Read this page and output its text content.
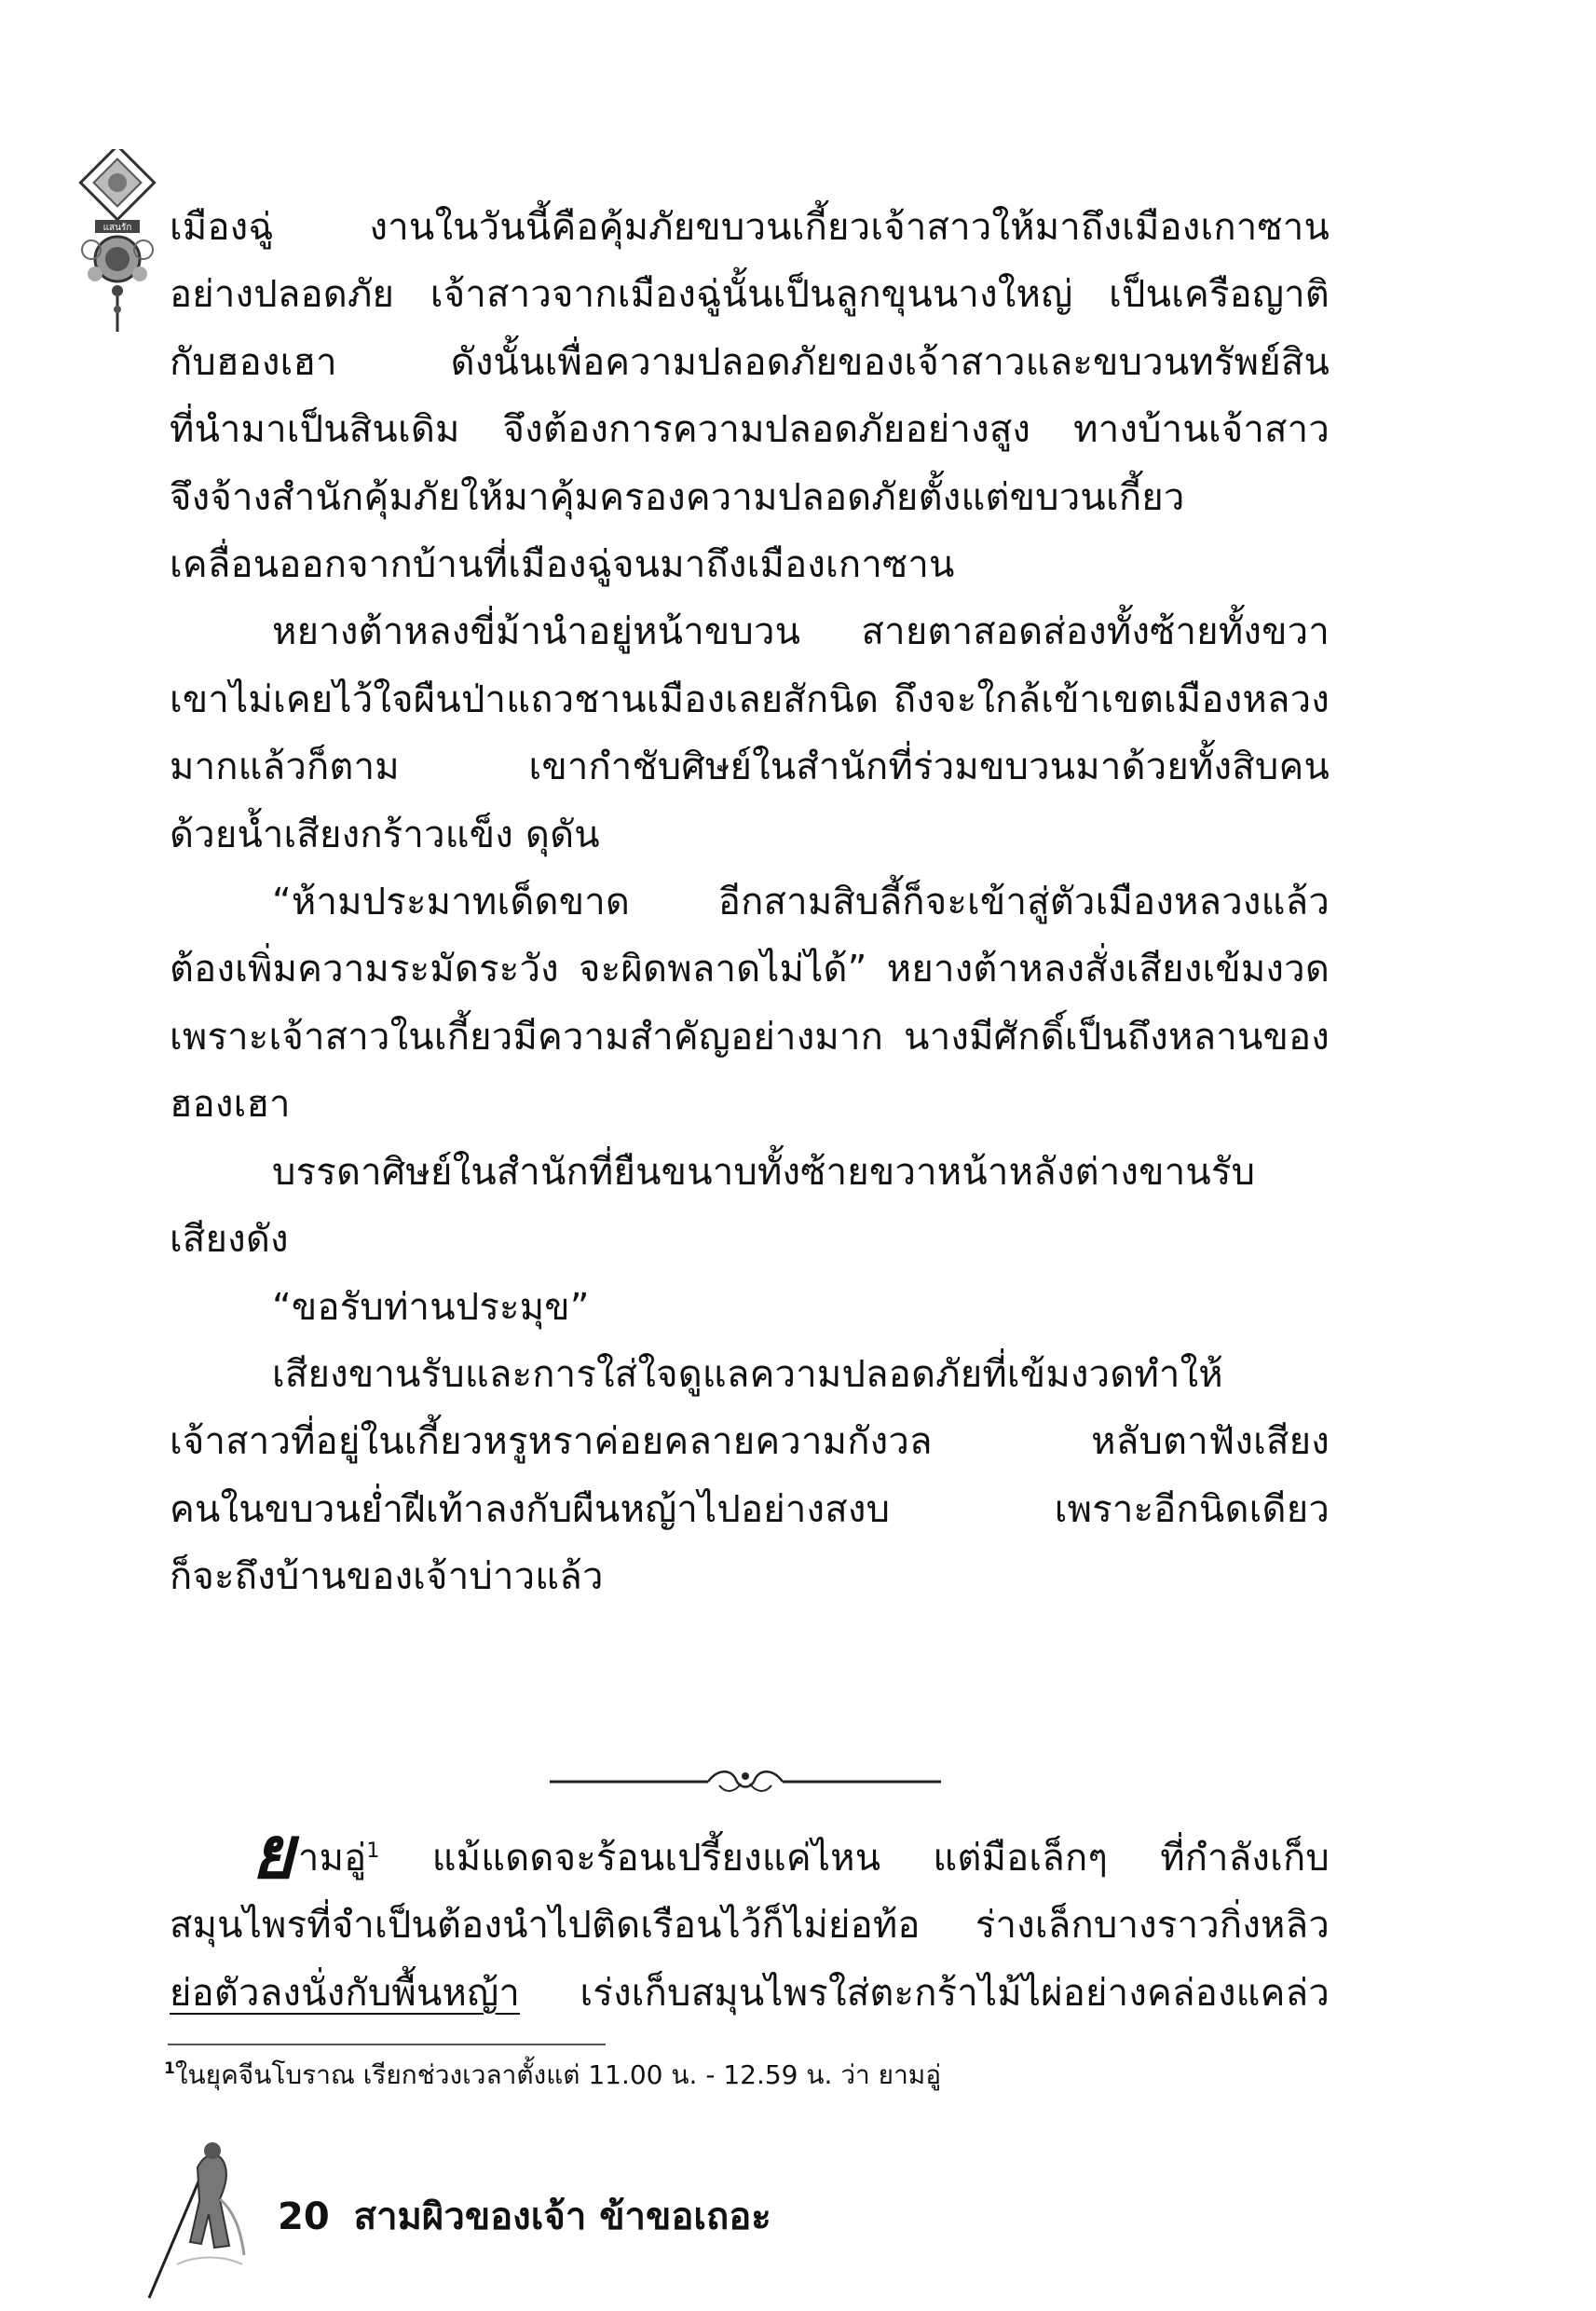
แสนรัก เมืองฉู่ งานในวันนี้คือคุ้มภัยขบวนเกี้ยวเจ้าสาวให้มาถึงเมืองเกาซาน
อย่างปลอดภัย เจ้าสาวจากเมืองฉู่นั้นเป็นลูกขุนนางใหญ่ เป็นเครือญาติ
กับฮองเฮา ดังนั้นเพื่อความปลอดภัยของเจ้าสาวและขบวนทรัพย์สิน
ที่นำมาเป็นสินเดิม จึงต้องการความปลอดภัยอย่างสูง ทางบ้านเจ้าสาว
จึงจ้างสำนักคุ้มภัยให้มาคุ้มครองความปลอดภัยตั้งแต่ขบวนเกี้ยว
เคลื่อนออกจากบ้านที่เมืองฉู่จนมาถึงเมืองเกาซาน
หยางต้าหลงขี่ม้านำอยู่หน้าขบวน สายตาสอดส่องทั้งซ้ายทั้งขวา
เขาไม่เคยไว้ใจผืนป่าแถวชานเมืองเลยสักนิด ถึงจะใกล้เข้าเขตเมืองหลวง
มากแล้วก็ตาม เขากำชับศิษย์ในสำนักที่ร่วมขบวนมาด้วยทั้งสิบคน
ด้วยน้ำเสียงกร้าวแข็ง ดุดัน
“ห้ามประมาทเด็ดขาด อีกสามสิบลี้ก็จะเข้าสู่ตัวเมืองหลวงแล้ว
ต้องเพิ่มความระมัดระวัง จะผิดพลาดไม่ได้” หยางต้าหลงสั่งเสียงเข้มงวด
เพราะเจ้าสาวในเกี้ยวมีความสำคัญอย่างมาก นางมีศักดิ์เป็นถึงหลานของ
ฮองเฮา
บรรดาศิษย์ในสำนักที่ยืนขนาบทั้งซ้ายขวาหน้าหลังต่างขานรับ
เสียงดัง
“ขอรับท่านประมุข”
เสียงขานรับและการใส่ใจดูแลความปลอดภัยที่เข้มงวดทำให้
เจ้าสาวที่อยู่ในเกี้ยวหรูหราค่อยคลายความกังวล หลับตาฟังเสียง
คนในขบวนย่ำฝีเท้าลงกับผืนหญ้าไปอย่างสงบ เพราะอีกนิดเดียว
ก็จะถึงบ้านของเจ้าบ่าวแล้ว
ยามอู่$^1$ แม้แดดจะร้อนเปรี้ยงแค่ไหน แต่มือเล็กๆ ที่กำลังเก็บ
สมุนไพรที่จำเป็นต้องนำไปติดเรือนไว้ก็ไม่ย่อท้อ ร่างเล็กบางราวกิ่งหลิว
ย่อตัวลงนั่งกับพื้นหญ้า เร่งเก็บสมุนไพรใส่ตะกร้าไม้ไผ่อย่างคล่องแคล่ว
$^1$ในยุคจีนโบราณ เรียกช่วงเวลาตั้งแต่ 11.00 น. - 12.59 น. ว่า ยามอู่
20 สามผิวของเจ้า ข้าขอเถอะ
